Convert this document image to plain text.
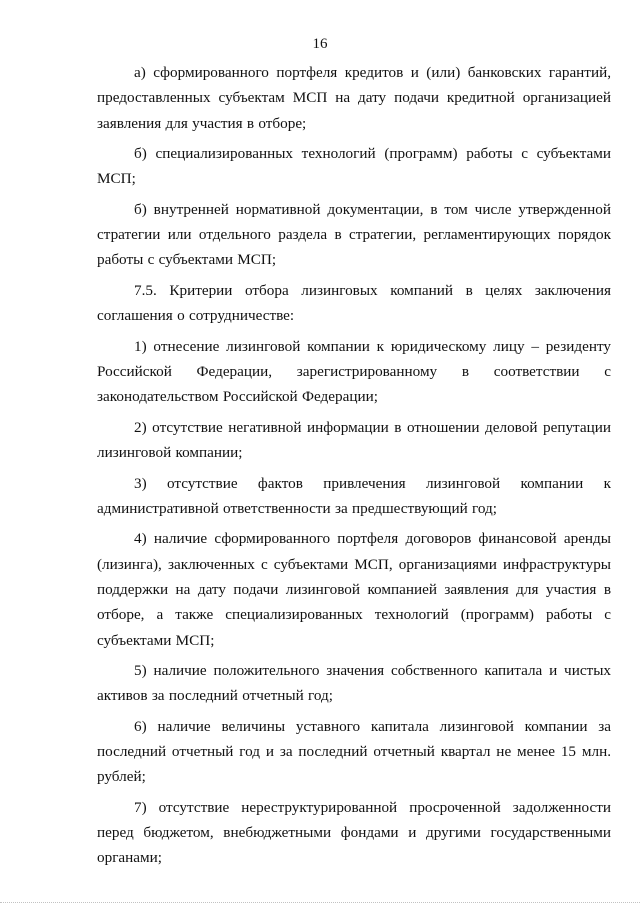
16

а) сформированного портфеля кредитов и (или) банковских гарантий, предоставленных субъектам МСП на дату подачи кредитной организацией заявления для участия в отборе;

б) специализированных технологий (программ) работы с субъектами МСП;

б) внутренней нормативной документации, в том числе утвержденной стратегии или отдельного раздела в стратегии, регламентирующих порядок работы с субъектами МСП;

7.5. Критерии отбора лизинговых компаний в целях заключения соглашения о сотрудничестве:

1) отнесение лизинговой компании к юридическому лицу – резиденту Российской Федерации, зарегистрированному в соответствии с законодательством Российской Федерации;

2) отсутствие негативной информации в отношении деловой репутации лизинговой компании;

3) отсутствие фактов привлечения лизинговой компании к административной ответственности за предшествующий год;

4) наличие сформированного портфеля договоров финансовой аренды (лизинга), заключенных с субъектами МСП, организациями инфраструктуры поддержки на дату подачи лизинговой компанией заявления для участия в отборе, а также специализированных технологий (программ) работы с субъектами МСП;

5) наличие положительного значения собственного капитала и чистых активов за последний отчетный год;

6) наличие величины уставного капитала лизинговой компании за последний отчетный год и за последний отчетный квартал не менее 15 млн. рублей;

7) отсутствие нереструктурированной просроченной задолженности перед бюджетом, внебюджетными фондами и другими государственными органами;
